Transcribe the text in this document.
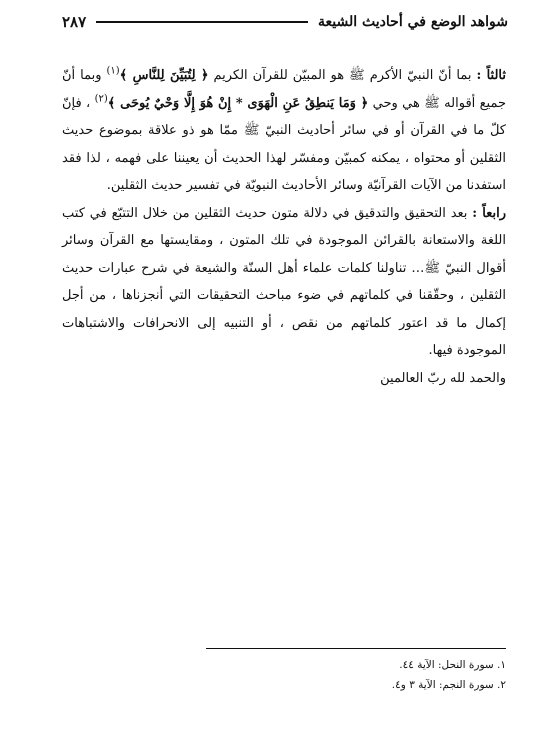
شواهد الوضع في أحاديث الشيعة
٢٨٧

ثالثاً : بما أنّ النبيّ الأكرم ﷺ هو المبيّن للقرآن الكريم ﴿ لِتُبَيِّنَ لِلنَّاسِ ﴾$^{(١)}$ وبما أنّ جميع أقواله ﷺ هي وحي ﴿ وَمَا يَنطِقُ عَنِ الْهَوَى * إِنْ هُوَ إِلَّا وَحْيٌ يُوحَى ﴾$^{(٢)}$ ، فإنّ كلّ ما في القرآن أو في سائر أحاديث النبيّ ﷺ ممّا هو ذو علاقة بموضوع حديث الثقلين أو محتواه ، يمكنه كمبيّن ومفسّر لهذا الحديث أن يعيننا على فهمه ، لذا فقد استفدنا من الآيات القرآنيّة وسائر الأحاديث النبويّة في تفسير حديث الثقلين.

رابعاً : بعد التحقيق والتدقيق في دلالة متون حديث الثقلين من خلال التتبّع في كتب اللغة والاستعانة بالقرائن الموجودة في تلك المتون ، ومقايستها مع القرآن وسائر أقوال النبيّ ﷺ… تناولنا كلمات علماء أهل السنّة والشيعة في شرح عبارات حديث الثقلين ، وحقّقنا في كلماتهم في ضوء مباحث التحقيقات التي أنجزناها ، من أجل إكمال ما قد اعتور كلماتهم من نقص ، أو التنبيه إلى الانحرافات والاشتباهات الموجودة فيها.

والحمد لله ربّ العالمين

١. سورة النحل: الآية ٤٤.

٢. سورة النجم: الآية ٣ و٤.
